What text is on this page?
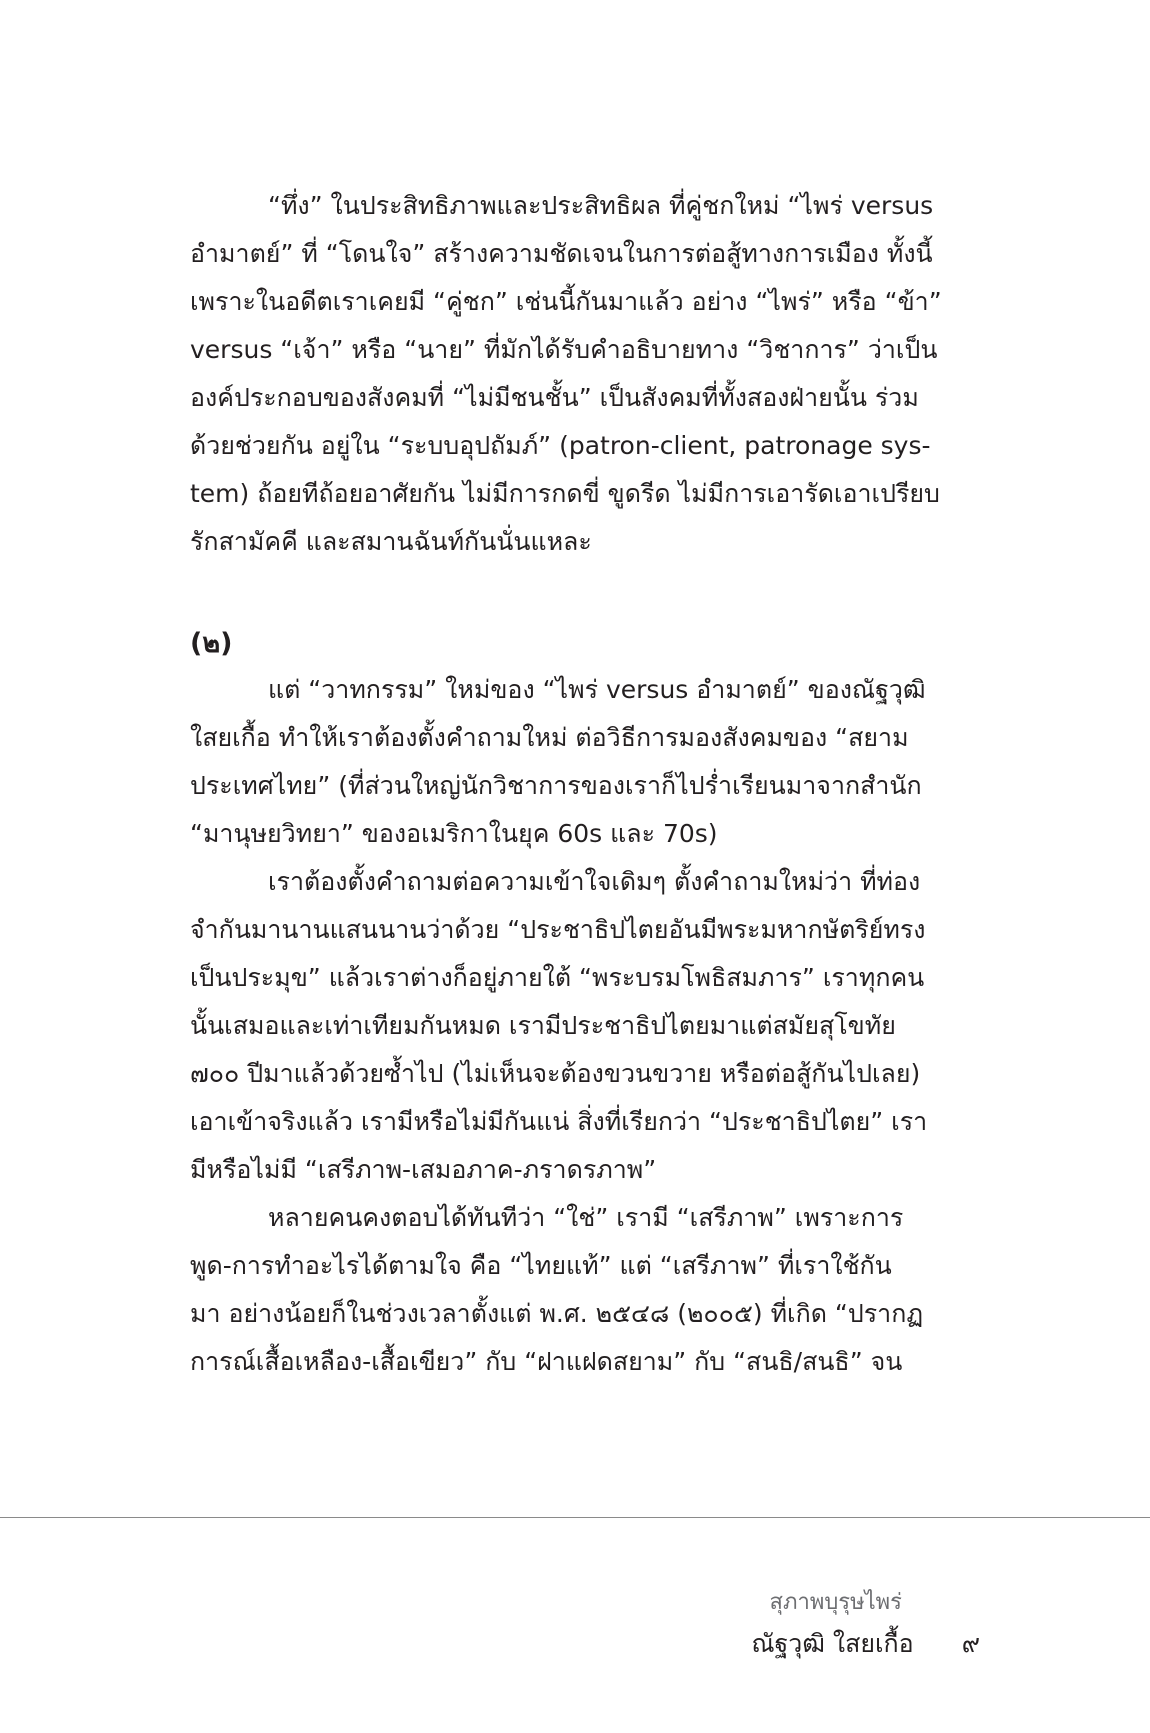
“ทึ่ง” ในประสิทธิภาพและประสิทธิผล ที่คู่ชกใหม่ “ไพร่ versus
อำมาตย์” ที่ “โดนใจ” สร้างความชัดเจนในการต่อสู้ทางการเมือง ทั้งนี้
เพราะในอดีตเราเคยมี “คู่ชก” เช่นนี้กันมาแล้ว อย่าง “ไพร่” หรือ “ข้า”
versus “เจ้า” หรือ “นาย” ที่มักได้รับคำอธิบายทาง “วิชาการ” ว่าเป็น
องค์ประกอบของสังคมที่ “ไม่มีชนชั้น” เป็นสังคมที่ทั้งสองฝ่ายนั้น ร่วม
ด้วยช่วยกัน อยู่ใน “ระบบอุปถัมภ์” (patron-client, patronage sys-
tem) ถ้อยทีถ้อยอาศัยกัน ไม่มีการกดขี่ ขูดรีด ไม่มีการเอารัดเอาเปรียบ
รักสามัคคี และสมานฉันท์กันนั่นแหละ

(๒)

แต่ “วาทกรรม” ใหม่ของ “ไพร่ versus อำมาตย์” ของณัฐวุฒิ
ใสยเกื้อ ทำให้เราต้องตั้งคำถามใหม่ ต่อวิธีการมองสังคมของ “สยาม
ประเทศไทย” (ที่ส่วนใหญ่นักวิชาการของเราก็ไปร่ำเรียนมาจากสำนัก
“มานุษยวิทยา” ของอเมริกาในยุค 60s และ 70s)

เราต้องตั้งคำถามต่อความเข้าใจเดิมๆ ตั้งคำถามใหม่ว่า ที่ท่อง
จำกันมานานแสนนานว่าด้วย “ประชาธิปไตยอันมีพระมหากษัตริย์ทรง
เป็นประมุข” แล้วเราต่างก็อยู่ภายใต้ “พระบรมโพธิสมภาร” เราทุกคน
นั้นเสมอและเท่าเทียมกันหมด เรามีประชาธิปไตยมาแต่สมัยสุโขทัย
๗๐๐ ปีมาแล้วด้วยซ้ำไป (ไม่เห็นจะต้องขวนขวาย หรือต่อสู้กันไปเลย)
เอาเข้าจริงแล้ว เรามีหรือไม่มีกันแน่ สิ่งที่เรียกว่า “ประชาธิปไตย” เรา
มีหรือไม่มี “เสรีภาพ-เสมอภาค-ภราดรภาพ”

หลายคนคงตอบได้ทันทีว่า “ใช่” เรามี “เสรีภาพ” เพราะการ
พูด-การทำอะไรได้ตามใจ คือ “ไทยแท้” แต่ “เสรีภาพ” ที่เราใช้กัน
มา อย่างน้อยก็ในช่วงเวลาตั้งแต่ พ.ศ. ๒๕๔๘ (๒๐๐๕) ที่เกิด “ปรากฏ
การณ์เสื้อเหลือง-เสื้อเขียว” กับ “ฝาแฝดสยาม” กับ “สนธิ/สนธิ” จน

สุภาพบุรุษไพร่
ณัฐวุฒิ ใสยเกื้อ ๙
